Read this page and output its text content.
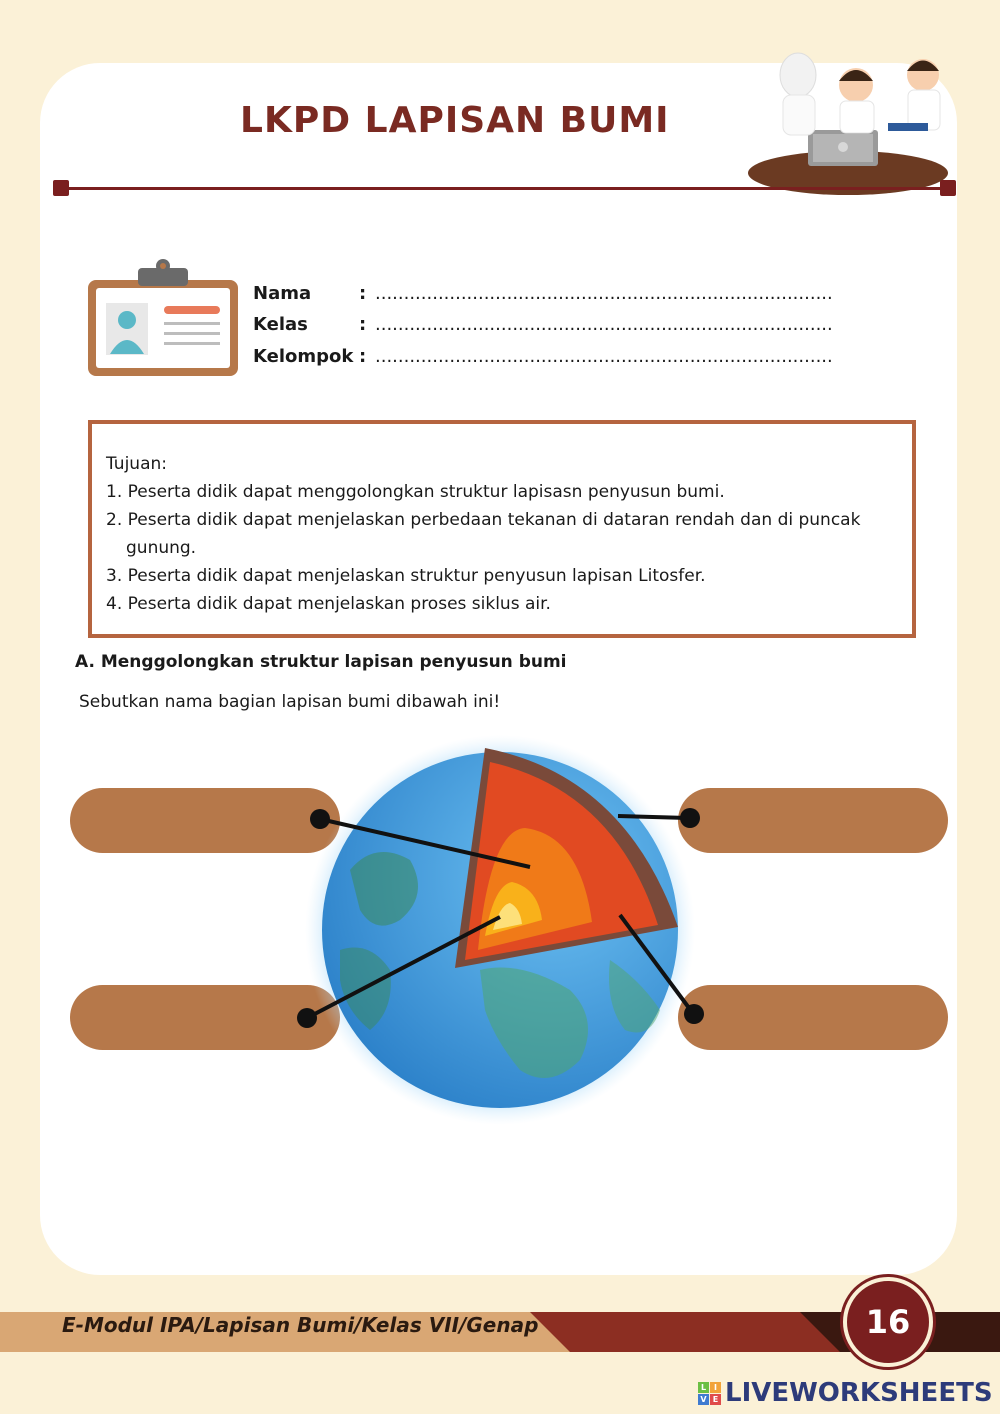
LKPD LAPISAN BUMI
Nama	: ................................................................................
Kelas	: ................................................................................
Kelompok : ................................................................................
Tujuan:
1. Peserta didik dapat menggolongkan struktur lapisasn penyusun bumi.
2. Peserta didik dapat menjelaskan perbedaan tekanan di dataran rendah dan di puncak
gunung.
3. Peserta didik dapat menjelaskan struktur penyusun lapisan Litosfer.
4. Peserta didik dapat menjelaskan proses siklus air.
A. Menggolongkan struktur lapisan penyusun bumi
Sebutkan nama bagian lapisan bumi dibawah ini!
E-Modul IPA/Lapisan Bumi/Kelas VII/Genap	16
L I
V E LIVEWORKSHEETS
